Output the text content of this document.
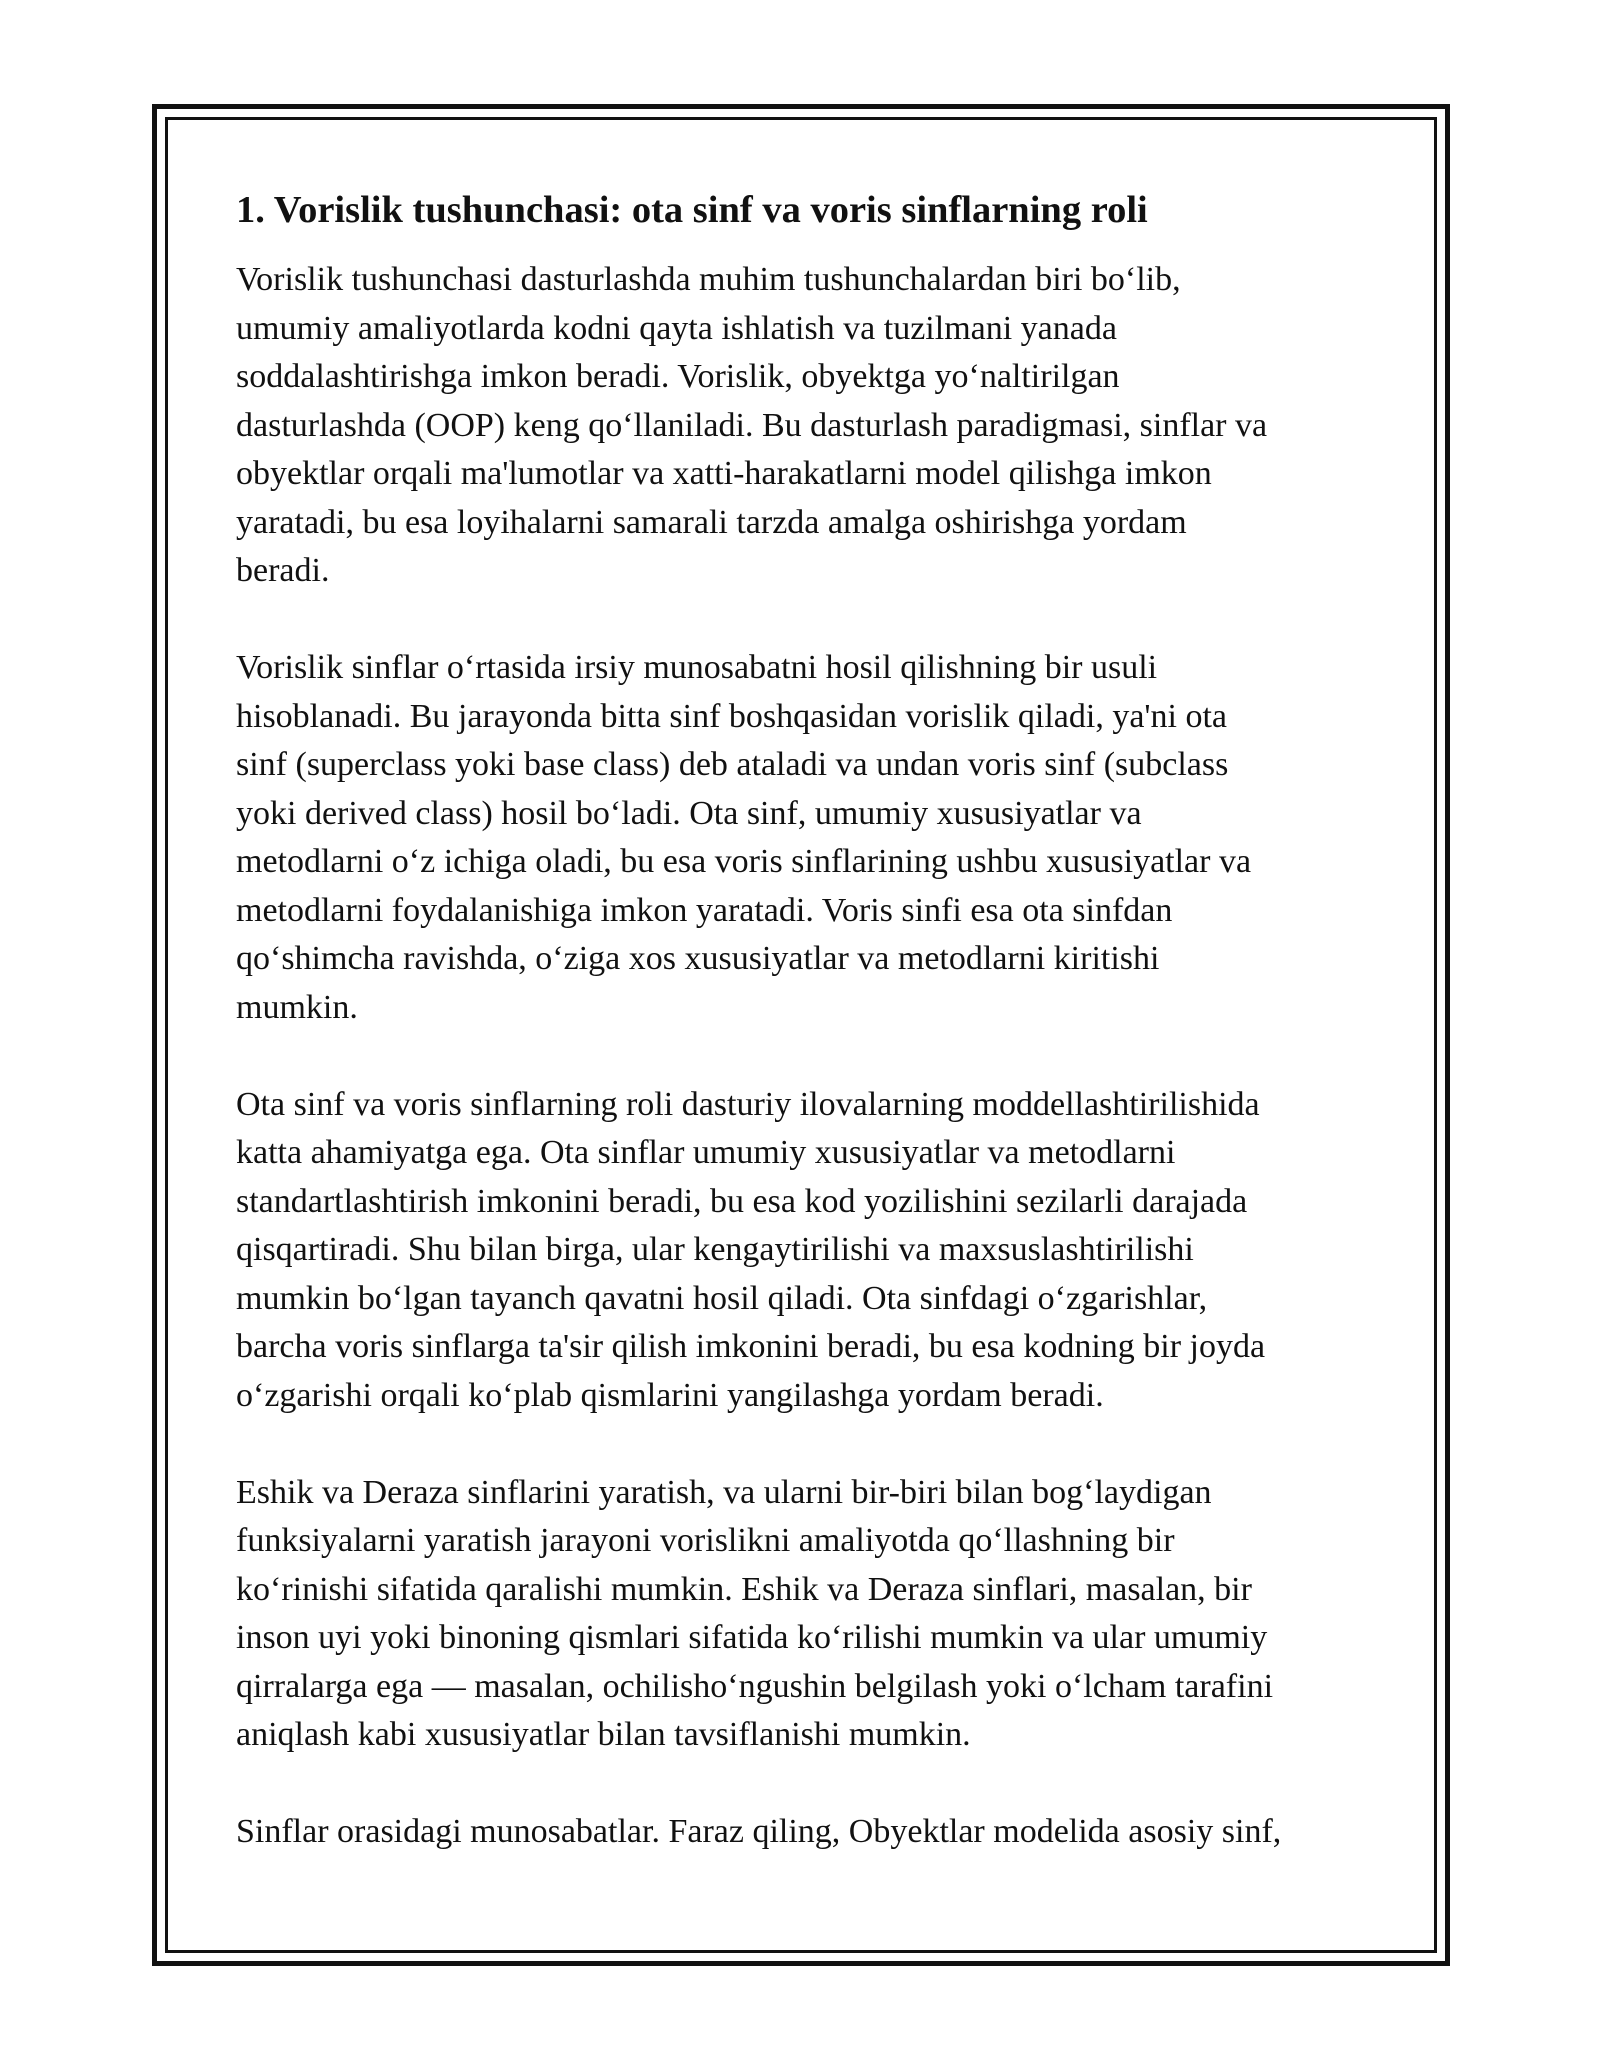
1. Vorislik tushunchasi: ota sinf va voris sinflarning roli

Vorislik tushunchasi dasturlashda muhim tushunchalardan biri bo‘lib,
umumiy amaliyotlarda kodni qayta ishlatish va tuzilmani yanada
soddalashtirishga imkon beradi. Vorislik, obyektga yo‘naltirilgan
dasturlashda (OOP) keng qo‘llaniladi. Bu dasturlash paradigmasi, sinflar va
obyektlar orqali ma'lumotlar va xatti-harakatlarni model qilishga imkon
yaratadi, bu esa loyihalarni samarali tarzda amalga oshirishga yordam
beradi.

Vorislik sinflar o‘rtasida irsiy munosabatni hosil qilishning bir usuli
hisoblanadi. Bu jarayonda bitta sinf boshqasidan vorislik qiladi, ya'ni ota
sinf (superclass yoki base class) deb ataladi va undan voris sinf (subclass
yoki derived class) hosil bo‘ladi. Ota sinf, umumiy xususiyatlar va
metodlarni o‘z ichiga oladi, bu esa voris sinflarining ushbu xususiyatlar va
metodlarni foydalanishiga imkon yaratadi. Voris sinfi esa ota sinfdan
qo‘shimcha ravishda, o‘ziga xos xususiyatlar va metodlarni kiritishi
mumkin.

Ota sinf va voris sinflarning roli dasturiy ilovalarning moddellashtirilishida
katta ahamiyatga ega. Ota sinflar umumiy xususiyatlar va metodlarni
standartlashtirish imkonini beradi, bu esa kod yozilishini sezilarli darajada
qisqartiradi. Shu bilan birga, ular kengaytirilishi va maxsuslashtirilishi
mumkin bo‘lgan tayanch qavatni hosil qiladi. Ota sinfdagi o‘zgarishlar,
barcha voris sinflarga ta'sir qilish imkonini beradi, bu esa kodning bir joyda
o‘zgarishi orqali ko‘plab qismlarini yangilashga yordam beradi.

Eshik va Deraza sinflarini yaratish, va ularni bir-biri bilan bog‘laydigan
funksiyalarni yaratish jarayoni vorislikni amaliyotda qo‘llashning bir
ko‘rinishi sifatida qaralishi mumkin. Eshik va Deraza sinflari, masalan, bir
inson uyi yoki binoning qismlari sifatida ko‘rilishi mumkin va ular umumiy
qirralarga ega — masalan, ochilisho‘ngushin belgilash yoki o‘lcham tarafini
aniqlash kabi xususiyatlar bilan tavsiflanishi mumkin.

Sinflar orasidagi munosabatlar. Faraz qiling, Obyektlar modelida asosiy sinf,
